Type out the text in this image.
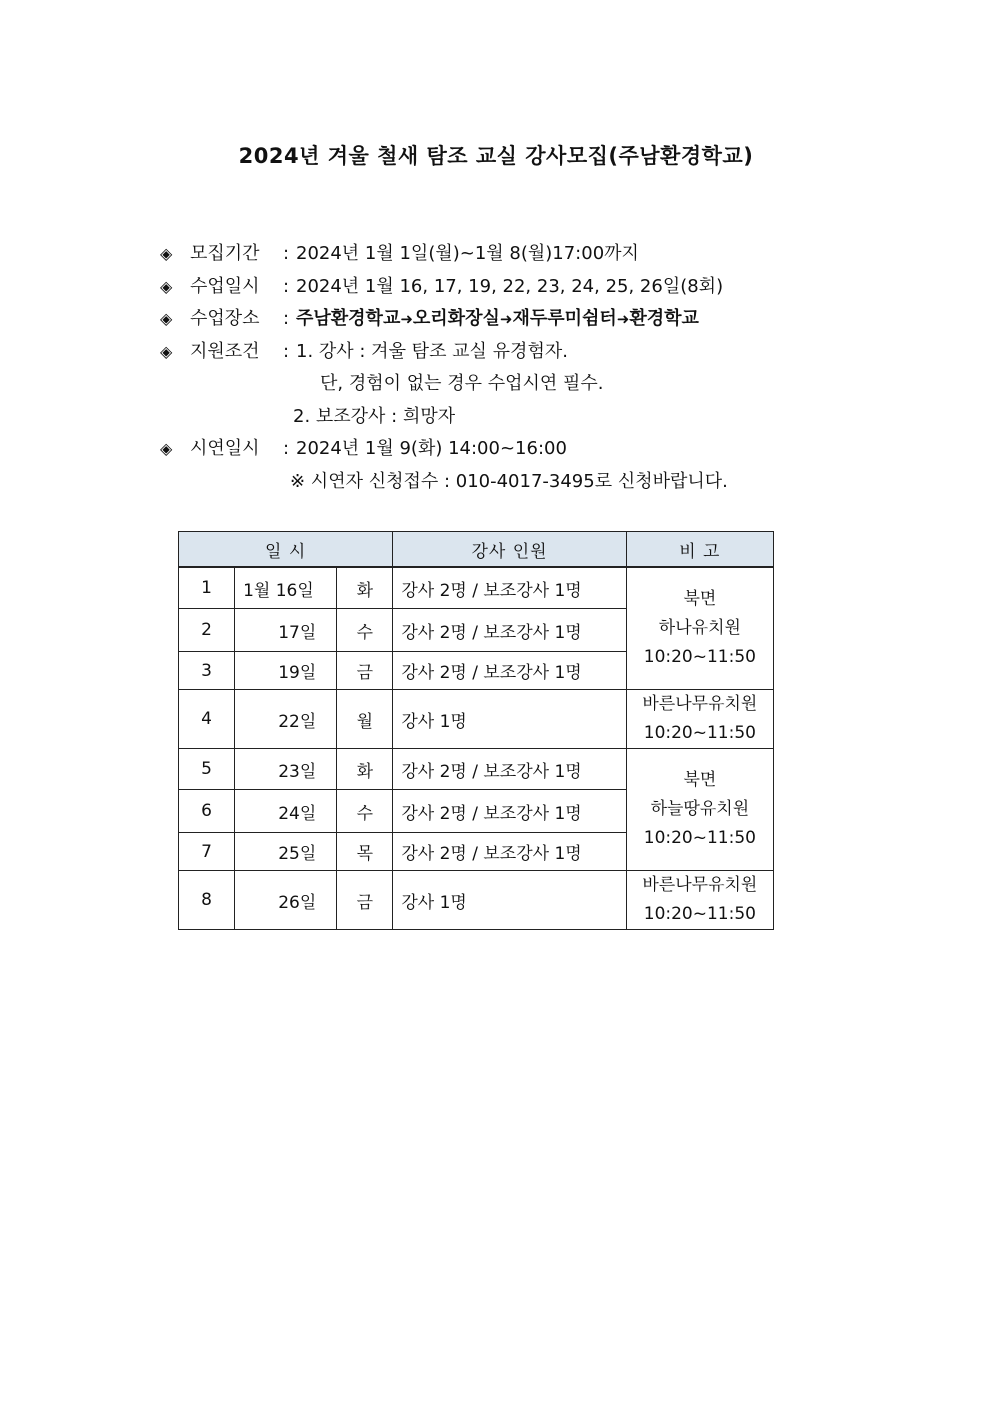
2024년 겨울 철새 탐조 교실 강사모집(주남환경학교)
◈ 모집기간	: 2024년 1월 1일(월)~1월 8(월)17:00까지
◈ 수업일시	: 2024년 1월 16, 17, 19, 22, 23, 24, 25, 26일(8회)
◈ 수업장소	: 주남환경학교➜오리화장실➜재두루미쉼터➜환경학교
◈ 지원조건	: 1. 강사 : 겨울 탐조 교실 유경험자.
단, 경험이 없는 경우 수업시연 필수.
2. 보조강사 : 희망자
◈ 시연일시	: 2024년 1월 9(화) 14:00~16:00
※ 시연자 신청접수 : 010-4017-3495로 신청바랍니다.
일 시			강사 인원	비 고
1	1월 16일	화	강사 2명 / 보조강사 1명	북면
하나유치원
10:20~11:50

2	17일	수	강사 2명 / 보조강사 1명	
3	19일	금	강사 2명 / 보조강사 1명	
4	22일	월	강사 1명	바른나무유치원
10:20~11:50

5	23일	화	강사 2명 / 보조강사 1명	북면
하늘땅유치원
10:20~11:50

6	24일	수	강사 2명 / 보조강사 1명	
7	25일	목	강사 2명 / 보조강사 1명	
8	26일	금	강사 1명	바른나무유치원
10:20~11:50
